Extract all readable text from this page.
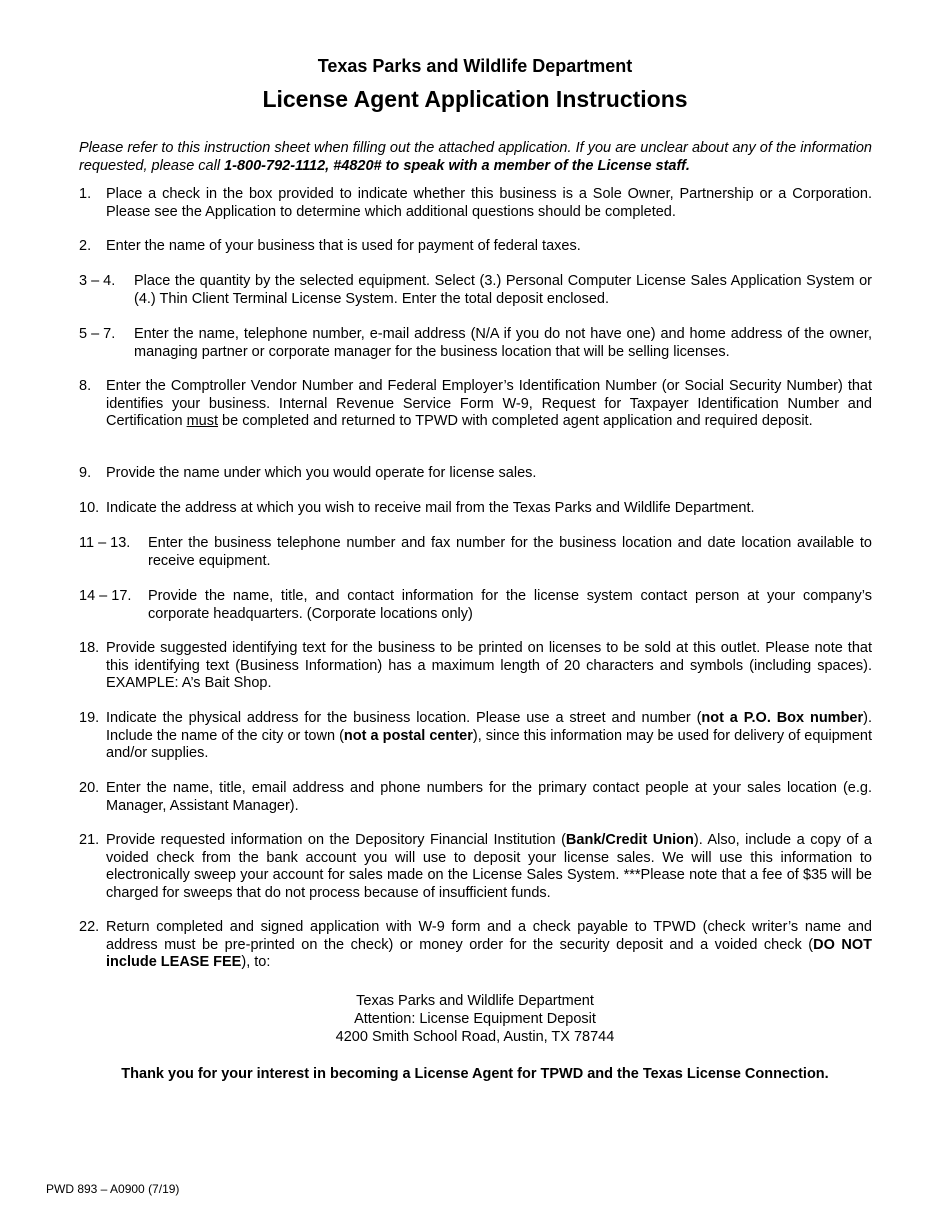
Texas Parks and Wildlife Department
License Agent Application Instructions
Please refer to this instruction sheet when filling out the attached application. If you are unclear about any of the information requested, please call 1-800-792-1112, #4820# to speak with a member of the License staff.
1. Place a check in the box provided to indicate whether this business is a Sole Owner, Partnership or a Corporation. Please see the Application to determine which additional questions should be completed.
2. Enter the name of your business that is used for payment of federal taxes.
3 – 4. Place the quantity by the selected equipment. Select (3.) Personal Computer License Sales Application System or (4.) Thin Client Terminal License System. Enter the total deposit enclosed.
5 – 7. Enter the name, telephone number, e-mail address (N/A if you do not have one) and home address of the owner, managing partner or corporate manager for the business location that will be selling licenses.
8. Enter the Comptroller Vendor Number and Federal Employer’s Identification Number (or Social Security Number) that identifies your business. Internal Revenue Service Form W-9, Request for Taxpayer Identification Number and Certification must be completed and returned to TPWD with completed agent application and required deposit.
9. Provide the name under which you would operate for license sales.
10. Indicate the address at which you wish to receive mail from the Texas Parks and Wildlife Department.
11 – 13. Enter the business telephone number and fax number for the business location and date location available to receive equipment.
14 – 17. Provide the name, title, and contact information for the license system contact person at your company’s corporate headquarters. (Corporate locations only)
18. Provide suggested identifying text for the business to be printed on licenses to be sold at this outlet. Please note that this identifying text (Business Information) has a maximum length of 20 characters and symbols (including spaces). EXAMPLE: A’s Bait Shop.
19. Indicate the physical address for the business location. Please use a street and number (not a P.O. Box number). Include the name of the city or town (not a postal center), since this information may be used for delivery of equipment and/or supplies.
20. Enter the name, title, email address and phone numbers for the primary contact people at your sales location (e.g. Manager, Assistant Manager).
21. Provide requested information on the Depository Financial Institution (Bank/Credit Union). Also, include a copy of a voided check from the bank account you will use to deposit your license sales. We will use this information to electronically sweep your account for sales made on the License Sales System. ***Please note that a fee of $35 will be charged for sweeps that do not process because of insufficient funds.
22. Return completed and signed application with W-9 form and a check payable to TPWD (check writer’s name and address must be pre-printed on the check) or money order for the security deposit and a voided check (DO NOT include LEASE FEE), to:
Texas Parks and Wildlife Department
Attention: License Equipment Deposit
4200 Smith School Road, Austin, TX 78744
Thank you for your interest in becoming a License Agent for TPWD and the Texas License Connection.
PWD 893 – A0900 (7/19)
